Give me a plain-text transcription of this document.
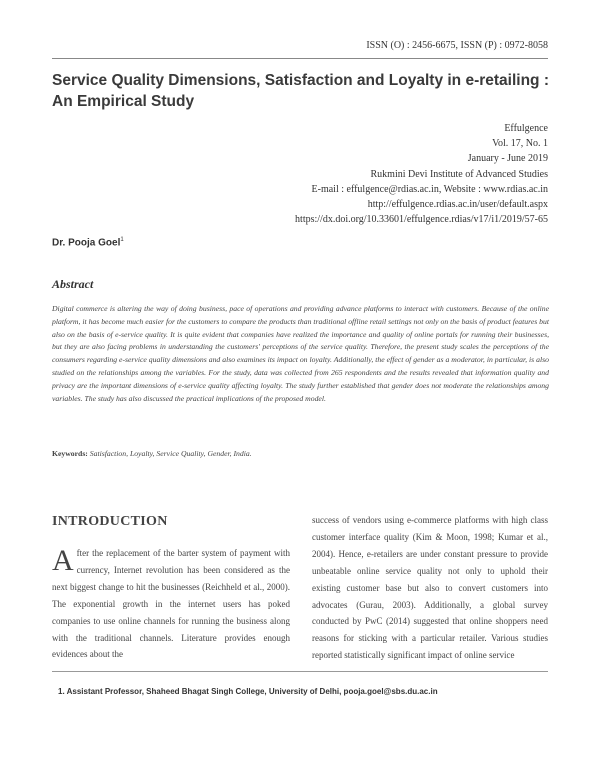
ISSN (O) : 2456-6675, ISSN (P) : 0972-8058
Service Quality Dimensions, Satisfaction and Loyalty in e-retailing : An Empirical Study
Effulgence
Vol. 17, No. 1
January - June 2019
Rukmini Devi Institute of Advanced Studies
E-mail : effulgence@rdias.ac.in, Website : www.rdias.ac.in
http://effulgence.rdias.ac.in/user/default.aspx
https://dx.doi.org/10.33601/effulgence.rdias/v17/i1/2019/57-65
Dr. Pooja Goel$^1$
Abstract

Digital commerce is altering the way of doing business, pace of operations and providing advance platforms to interact with customers. Because of the online platform, it has become much easier for the customers to compare the products than traditional offline retail settings not only on the basis of product features but also on the basis of e-service quality. It is quite evident that companies have realized the importance and quality of online portals for running their businesses, but they are also facing problems in understanding the customers' perceptions of the service quality. Therefore, the present study scales the perceptions of the consumers regarding e-service quality dimensions and also examines its impact on loyalty. Additionally, the effect of gender as a moderator, in particular, is also studied on the relationships among the variables. For the study, data was collected from 265 respondents and the results revealed that information quality and privacy are the important dimensions of e-service quality affecting loyalty. The study further established that gender does not moderate the relationships among variables. The study has also discussed the practical implications of the proposed model.

Keywords: Satisfaction, Loyalty, Service Quality, Gender, India.
INTRODUCTION

After the replacement of the barter system of payment with currency, Internet revolution has been considered as the next biggest change to hit the businesses (Reichheld et al., 2000). The exponential growth in the internet users has poked companies to use online channels for running the business along with the traditional channels. Literature provides enough evidences about the

success of vendors using e-commerce platforms with high class customer interface quality (Kim & Moon, 1998; Kumar et al., 2004). Hence, e-retailers are under constant pressure to provide unbeatable online service quality not only to uphold their existing customer base but also to convert customers into advocates (Gurau, 2003). Additionally, a global survey conducted by PwC (2014) suggested that online shoppers need reasons for sticking with a particular retailer. Various studies reported statistically significant impact of online service

1. Assistant Professor, Shaheed Bhagat Singh College, University of Delhi, pooja.goel@sbs.du.ac.in
